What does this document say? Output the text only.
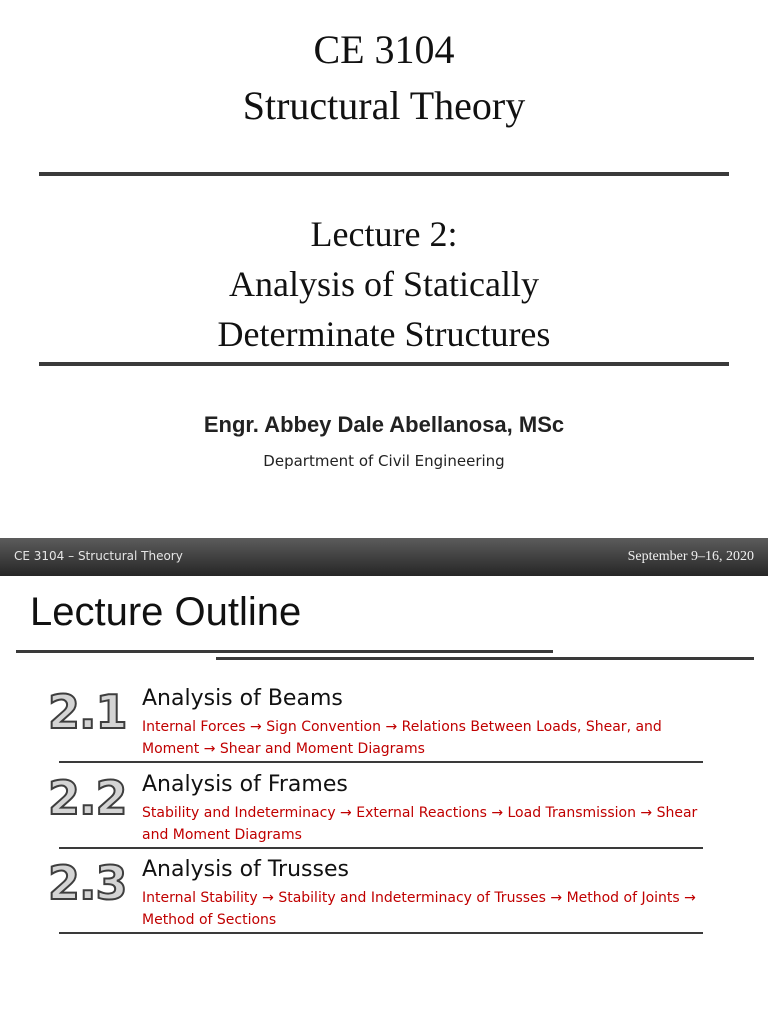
CE 3104
Structural Theory
Lecture 2:
Analysis of Statically
Determinate Structures
Engr. Abbey Dale Abellanosa, MSc
Department of Civil Engineering
CE 3104 – Structural Theory	September 9–16, 2020
Lecture Outline
2.1 Analysis of Beams
Internal Forces → Sign Convention → Relations Between Loads, Shear, and Moment → Shear and Moment Diagrams
2.2 Analysis of Frames
Stability and Indeterminacy → External Reactions → Load Transmission → Shear and Moment Diagrams
2.3 Analysis of Trusses
Internal Stability → Stability and Indeterminacy of Trusses → Method of Joints → Method of Sections
